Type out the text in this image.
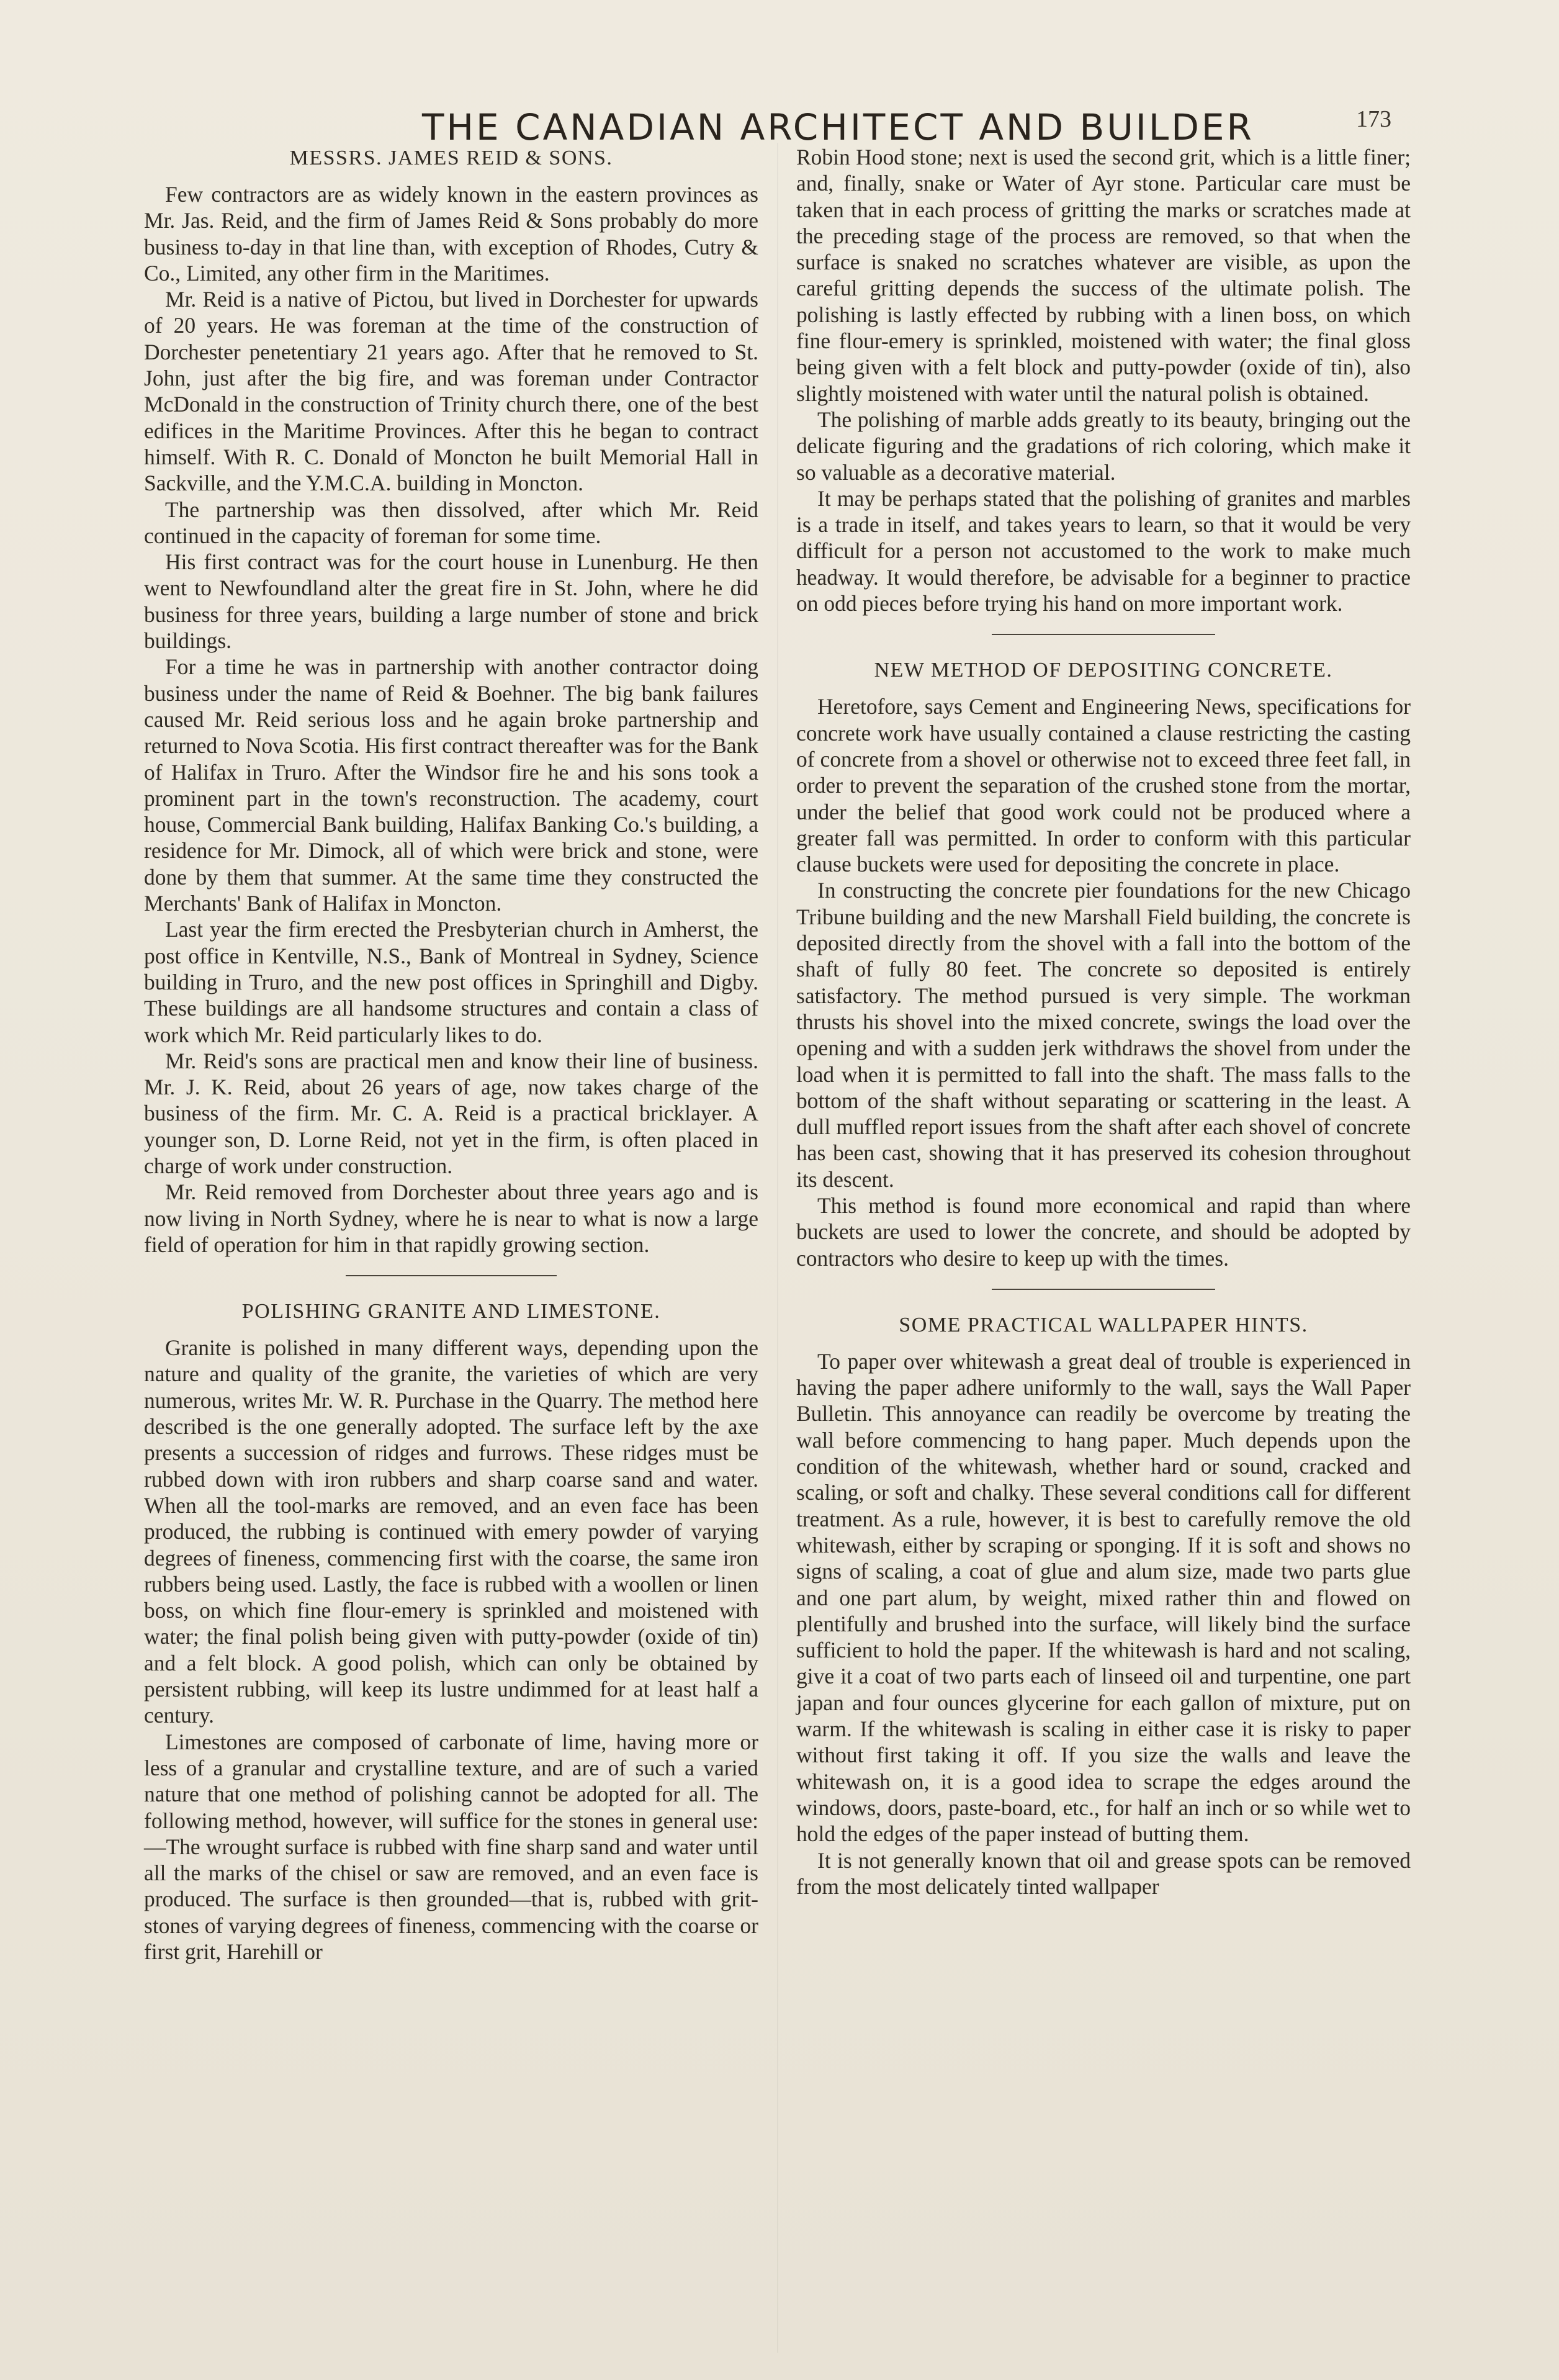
THE CANADIAN ARCHITECT AND BUILDER	173
MESSRS. JAMES REID & SONS.

Few contractors are as widely known in the eastern provinces as Mr. Jas. Reid, and the firm of James Reid & Sons probably do more business to-day in that line than, with exception of Rhodes, Cutry & Co., Limited, any other firm in the Maritimes.

Mr. Reid is a native of Pictou, but lived in Dorchester for upwards of 20 years. He was foreman at the time of the construction of Dorchester penetentiary 21 years ago. After that he removed to St. John, just after the big fire, and was foreman under Contractor McDonald in the construction of Trinity church there, one of the best edifices in the Maritime Provinces. After this he began to contract himself. With R. C. Donald of Moncton he built Memorial Hall in Sackville, and the Y.M.C.A. building in Moncton.

The partnership was then dissolved, after which Mr. Reid continued in the capacity of foreman for some time.

His first contract was for the court house in Lunenburg. He then went to Newfoundland alter the great fire in St. John, where he did business for three years, building a large number of stone and brick buildings.

For a time he was in partnership with another contractor doing business under the name of Reid & Boehner. The big bank failures caused Mr. Reid serious loss and he again broke partnership and returned to Nova Scotia. His first contract thereafter was for the Bank of Halifax in Truro. After the Windsor fire he and his sons took a prominent part in the town's reconstruction. The academy, court house, Commercial Bank building, Halifax Banking Co.'s building, a residence for Mr. Dimock, all of which were brick and stone, were done by them that summer. At the same time they constructed the Merchants' Bank of Halifax in Moncton.

Last year the firm erected the Presbyterian church in Amherst, the post office in Kentville, N.S., Bank of Montreal in Sydney, Science building in Truro, and the new post offices in Springhill and Digby. These buildings are all handsome structures and contain a class of work which Mr. Reid particularly likes to do.

Mr. Reid's sons are practical men and know their line of business. Mr. J. K. Reid, about 26 years of age, now takes charge of the business of the firm. Mr. C. A. Reid is a practical bricklayer. A younger son, D. Lorne Reid, not yet in the firm, is often placed in charge of work under construction.

Mr. Reid removed from Dorchester about three years ago and is now living in North Sydney, where he is near to what is now a large field of operation for him in that rapidly growing section.

POLISHING GRANITE AND LIMESTONE.

Granite is polished in many different ways, depending upon the nature and quality of the granite, the varieties of which are very numerous, writes Mr. W. R. Purchase in the Quarry. The method here described is the one generally adopted. The surface left by the axe presents a succession of ridges and furrows. These ridges must be rubbed down with iron rubbers and sharp coarse sand and water. When all the tool-marks are removed, and an even face has been produced, the rubbing is continued with emery powder of varying degrees of fineness, commencing first with the coarse, the same iron rubbers being used. Lastly, the face is rubbed with a woollen or linen boss, on which fine flour-emery is sprinkled and moistened with water; the final polish being given with putty-powder (oxide of tin) and a felt block. A good polish, which can only be obtained by persistent rubbing, will keep its lustre undimmed for at least half a century.

Limestones are composed of carbonate of lime, having more or less of a granular and crystalline texture, and are of such a varied nature that one method of polishing cannot be adopted for all. The following method, however, will suffice for the stones in general use: —The wrought surface is rubbed with fine sharp sand and water until all the marks of the chisel or saw are removed, and an even face is produced. The surface is then grounded—that is, rubbed with grit-stones of varying degrees of fineness, commencing with the coarse or first grit, Harehill or

Robin Hood stone; next is used the second grit, which is a little finer; and, finally, snake or Water of Ayr stone. Particular care must be taken that in each process of gritting the marks or scratches made at the preceding stage of the process are removed, so that when the surface is snaked no scratches whatever are visible, as upon the careful gritting depends the success of the ultimate polish. The polishing is lastly effected by rubbing with a linen boss, on which fine flour-emery is sprinkled, moistened with water; the final gloss being given with a felt block and putty-powder (oxide of tin), also slightly moistened with water until the natural polish is obtained.

The polishing of marble adds greatly to its beauty, bringing out the delicate figuring and the gradations of rich coloring, which make it so valuable as a decorative material.

It may be perhaps stated that the polishing of granites and marbles is a trade in itself, and takes years to learn, so that it would be very difficult for a person not accustomed to the work to make much headway. It would therefore, be advisable for a beginner to practice on odd pieces before trying his hand on more important work.

NEW METHOD OF DEPOSITING CONCRETE.

Heretofore, says Cement and Engineering News, specifications for concrete work have usually contained a clause restricting the casting of concrete from a shovel or otherwise not to exceed three feet fall, in order to prevent the separation of the crushed stone from the mortar, under the belief that good work could not be produced where a greater fall was permitted. In order to conform with this particular clause buckets were used for depositing the concrete in place.

In constructing the concrete pier foundations for the new Chicago Tribune building and the new Marshall Field building, the concrete is deposited directly from the shovel with a fall into the bottom of the shaft of fully 80 feet. The concrete so deposited is entirely satisfactory. The method pursued is very simple. The workman thrusts his shovel into the mixed concrete, swings the load over the opening and with a sudden jerk withdraws the shovel from under the load when it is permitted to fall into the shaft. The mass falls to the bottom of the shaft without separating or scattering in the least. A dull muffled report issues from the shaft after each shovel of concrete has been cast, showing that it has preserved its cohesion throughout its descent.

This method is found more economical and rapid than where buckets are used to lower the concrete, and should be adopted by contractors who desire to keep up with the times.

SOME PRACTICAL WALLPAPER HINTS.

To paper over whitewash a great deal of trouble is experienced in having the paper adhere uniformly to the wall, says the Wall Paper Bulletin. This annoyance can readily be overcome by treating the wall before commencing to hang paper. Much depends upon the condition of the whitewash, whether hard or sound, cracked and scaling, or soft and chalky. These several conditions call for different treatment. As a rule, however, it is best to carefully remove the old whitewash, either by scraping or sponging. If it is soft and shows no signs of scaling, a coat of glue and alum size, made two parts glue and one part alum, by weight, mixed rather thin and flowed on plentifully and brushed into the surface, will likely bind the surface sufficient to hold the paper. If the whitewash is hard and not scaling, give it a coat of two parts each of linseed oil and turpentine, one part japan and four ounces glycerine for each gallon of mixture, put on warm. If the whitewash is scaling in either case it is risky to paper without first taking it off. If you size the walls and leave the whitewash on, it is a good idea to scrape the edges around the windows, doors, paste-board, etc., for half an inch or so while wet to hold the edges of the paper instead of butting them.

It is not generally known that oil and grease spots can be removed from the most delicately tinted wallpaper
